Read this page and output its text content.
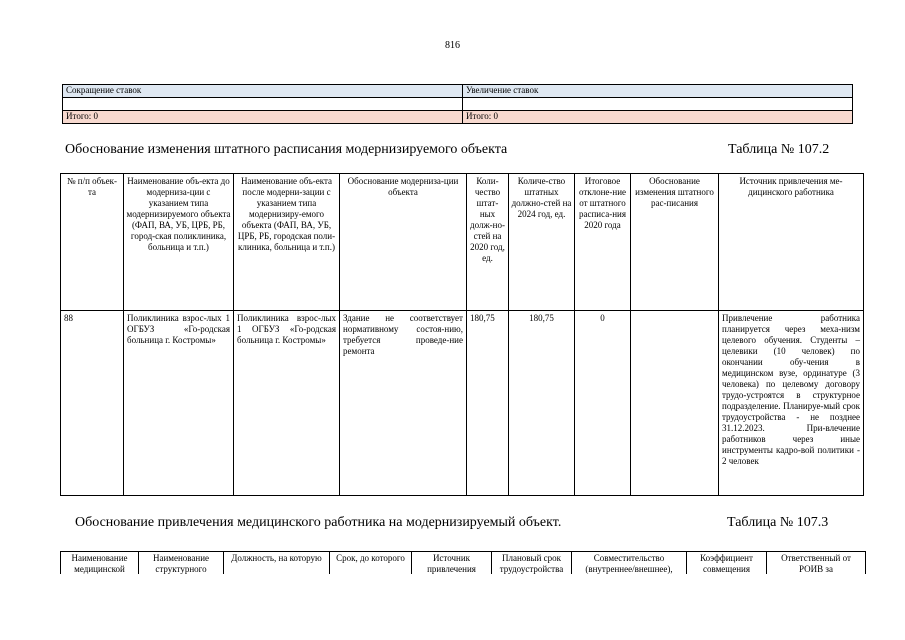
816
Сокращение ставок	Увеличение ставок

Итого: 0	Итого: 0
Обоснование изменения штатного расписания модернизируемого объекта	Таблица № 107.2
№ п/п объек-та	Наименование объ-екта до модерниза-ции с указанием типа модернизируемого объекта (ФАП, ВА, УБ, ЦРБ, РБ, город-ская поликлиника, больница и т.п.)	Наименование объ-екта после модерни-зации с указанием типа модернизиру-емого объекта (ФАП, ВА, УБ, ЦРБ, РБ, городская поли-клиника, больница и т.п.)	Обоснование модерниза-ции объекта	Коли-чество штат-ных долж-но-стей на 2020 год, ед.	Количе-ство штатных должно-стей на 2024 год, ед.	Итоговое отклоне-ние от штатного расписа-ния 2020 года	Обоснование изменения штатного рас-писания	Источник привлечения ме-дицинского работника
88	Поликлиника взрос-лых 1 ОГБУЗ «Го-родская больница г. Костромы»	Поликлиника взрос-лых 1 ОГБУЗ «Го-родская больница г. Костромы»	Здание не соответствует нормативному состоя-нию, требуется проведе-ние ремонта	180,75	180,75	0		Привлечение работника планируется через меха-низм целевого обучения. Студенты – целевики (10 человек) по окончании обу-чения в медицинском вузе, ординатуре (3 человека) по целевому договору трудо-устроятся в структурное подразделение. Планируе-мый срок трудоустройства - не позднее 31.12.2023. При-влечение работников через иные инструменты кадро-вой политики - 2 человек
Обоснование привлечения медицинского работника на модернизируемый объект.	Таблица № 107.3
Наименование медицинской	Наименование структурного	Должность, на которую	Срок, до которого	Источник привлечения	Плановый срок трудоустройства	Совместительство (внутреннее/внешнее),	Коэффициент совмещения	Ответственный от РОИВ за
